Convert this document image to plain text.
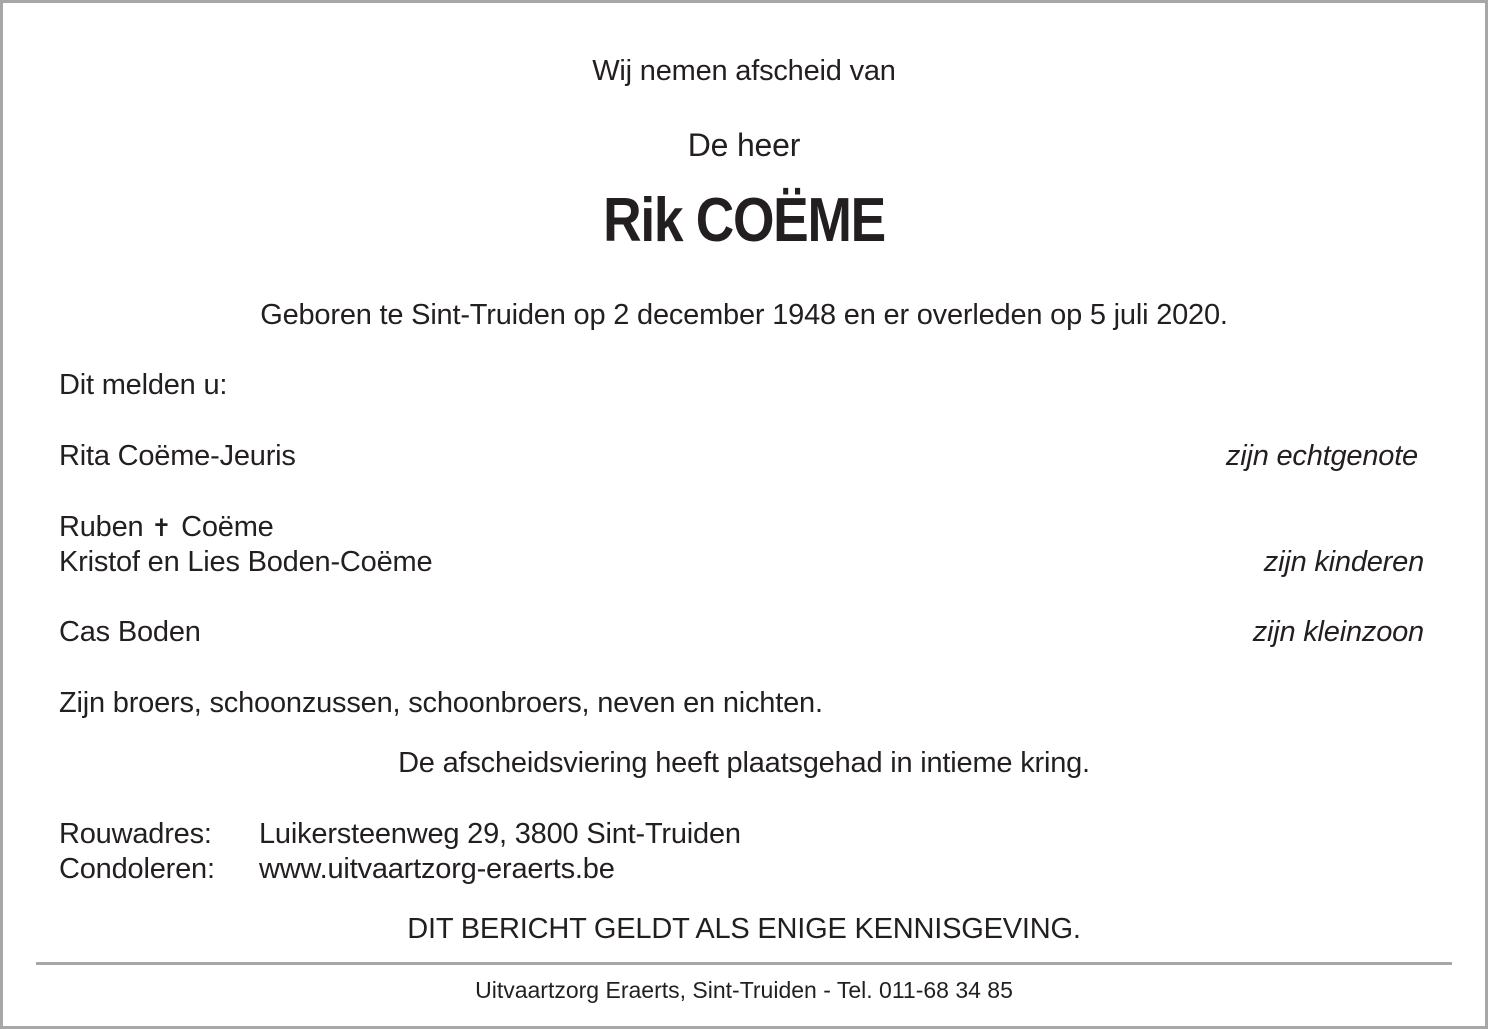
Wij nemen afscheid van
De heer
Rik COËME
Geboren te Sint-Truiden op 2 december 1948 en er overleden op 5 juli 2020.
Dit melden u:
Rita Coëme-Jeuris	zijn echtgenote
Ruben ✝ Coëme
Kristof en Lies Boden-Coëme	zijn kinderen
Cas Boden	zijn kleinzoon
Zijn broers, schoonzussen, schoonbroers, neven en nichten.
De afscheidsviering heeft plaatsgehad in intieme kring.
Rouwadres: Luikersteenweg 29, 3800 Sint-Truiden
Condoleren: www.uitvaartzorg-eraerts.be
DIT BERICHT GELDT ALS ENIGE KENNISGEVING.
Uitvaartzorg Eraerts, Sint-Truiden - Tel. 011-68 34 85
